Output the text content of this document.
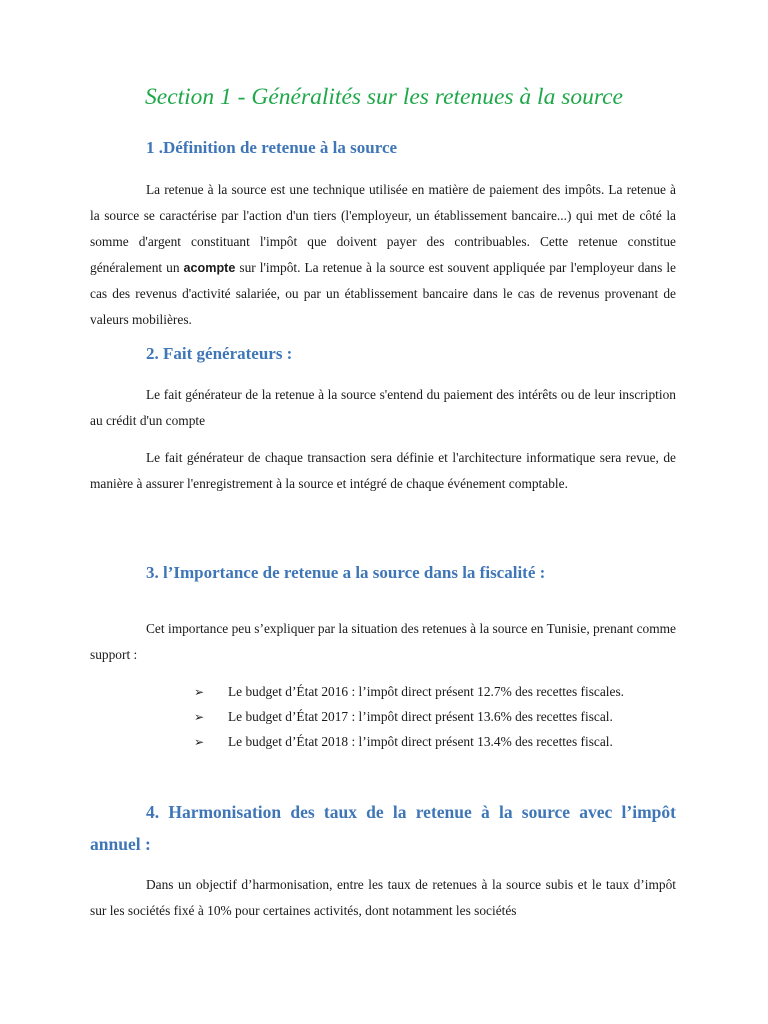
Section 1 - Généralités sur les retenues à la source
1 .Définition de retenue à la source

La retenue à la source est une technique utilisée en matière de paiement des impôts. La retenue à la source se caractérise par l'action d'un tiers (l'employeur, un établissement bancaire...) qui met de côté la somme d'argent constituant l'impôt que doivent payer des contribuables. Cette retenue constitue généralement un acompte sur l'impôt. La retenue à la source est souvent appliquée par l'employeur dans le cas des revenus d'activité salariée, ou par un établissement bancaire dans le cas de revenus provenant de valeurs mobilières.

2. Fait générateurs :

Le fait générateur de la retenue à la source s'entend du paiement des intérêts ou de leur inscription au crédit d'un compte

Le fait générateur de chaque transaction sera définie et l'architecture informatique sera revue, de manière à assurer l'enregistrement à la source et intégré de chaque événement comptable.

3. l’Importance de retenue a la source dans la fiscalité :

Cet importance peu s’expliquer par la situation des retenues à la source en Tunisie, prenant comme support :

➢ Le budget d’État 2016 : l’impôt direct présent 12.7% des recettes fiscales.
➢ Le budget d’État 2017 : l’impôt direct présent 13.6% des recettes fiscal.
➢ Le budget d’État 2018 : l’impôt direct présent 13.4% des recettes fiscal.
4. Harmonisation des taux de la retenue à la source avec l’impôt annuel :

Dans un objectif d’harmonisation, entre les taux de retenues à la source subis et le taux d’impôt sur les sociétés fixé à 10% pour certaines activités, dont notamment les sociétés
